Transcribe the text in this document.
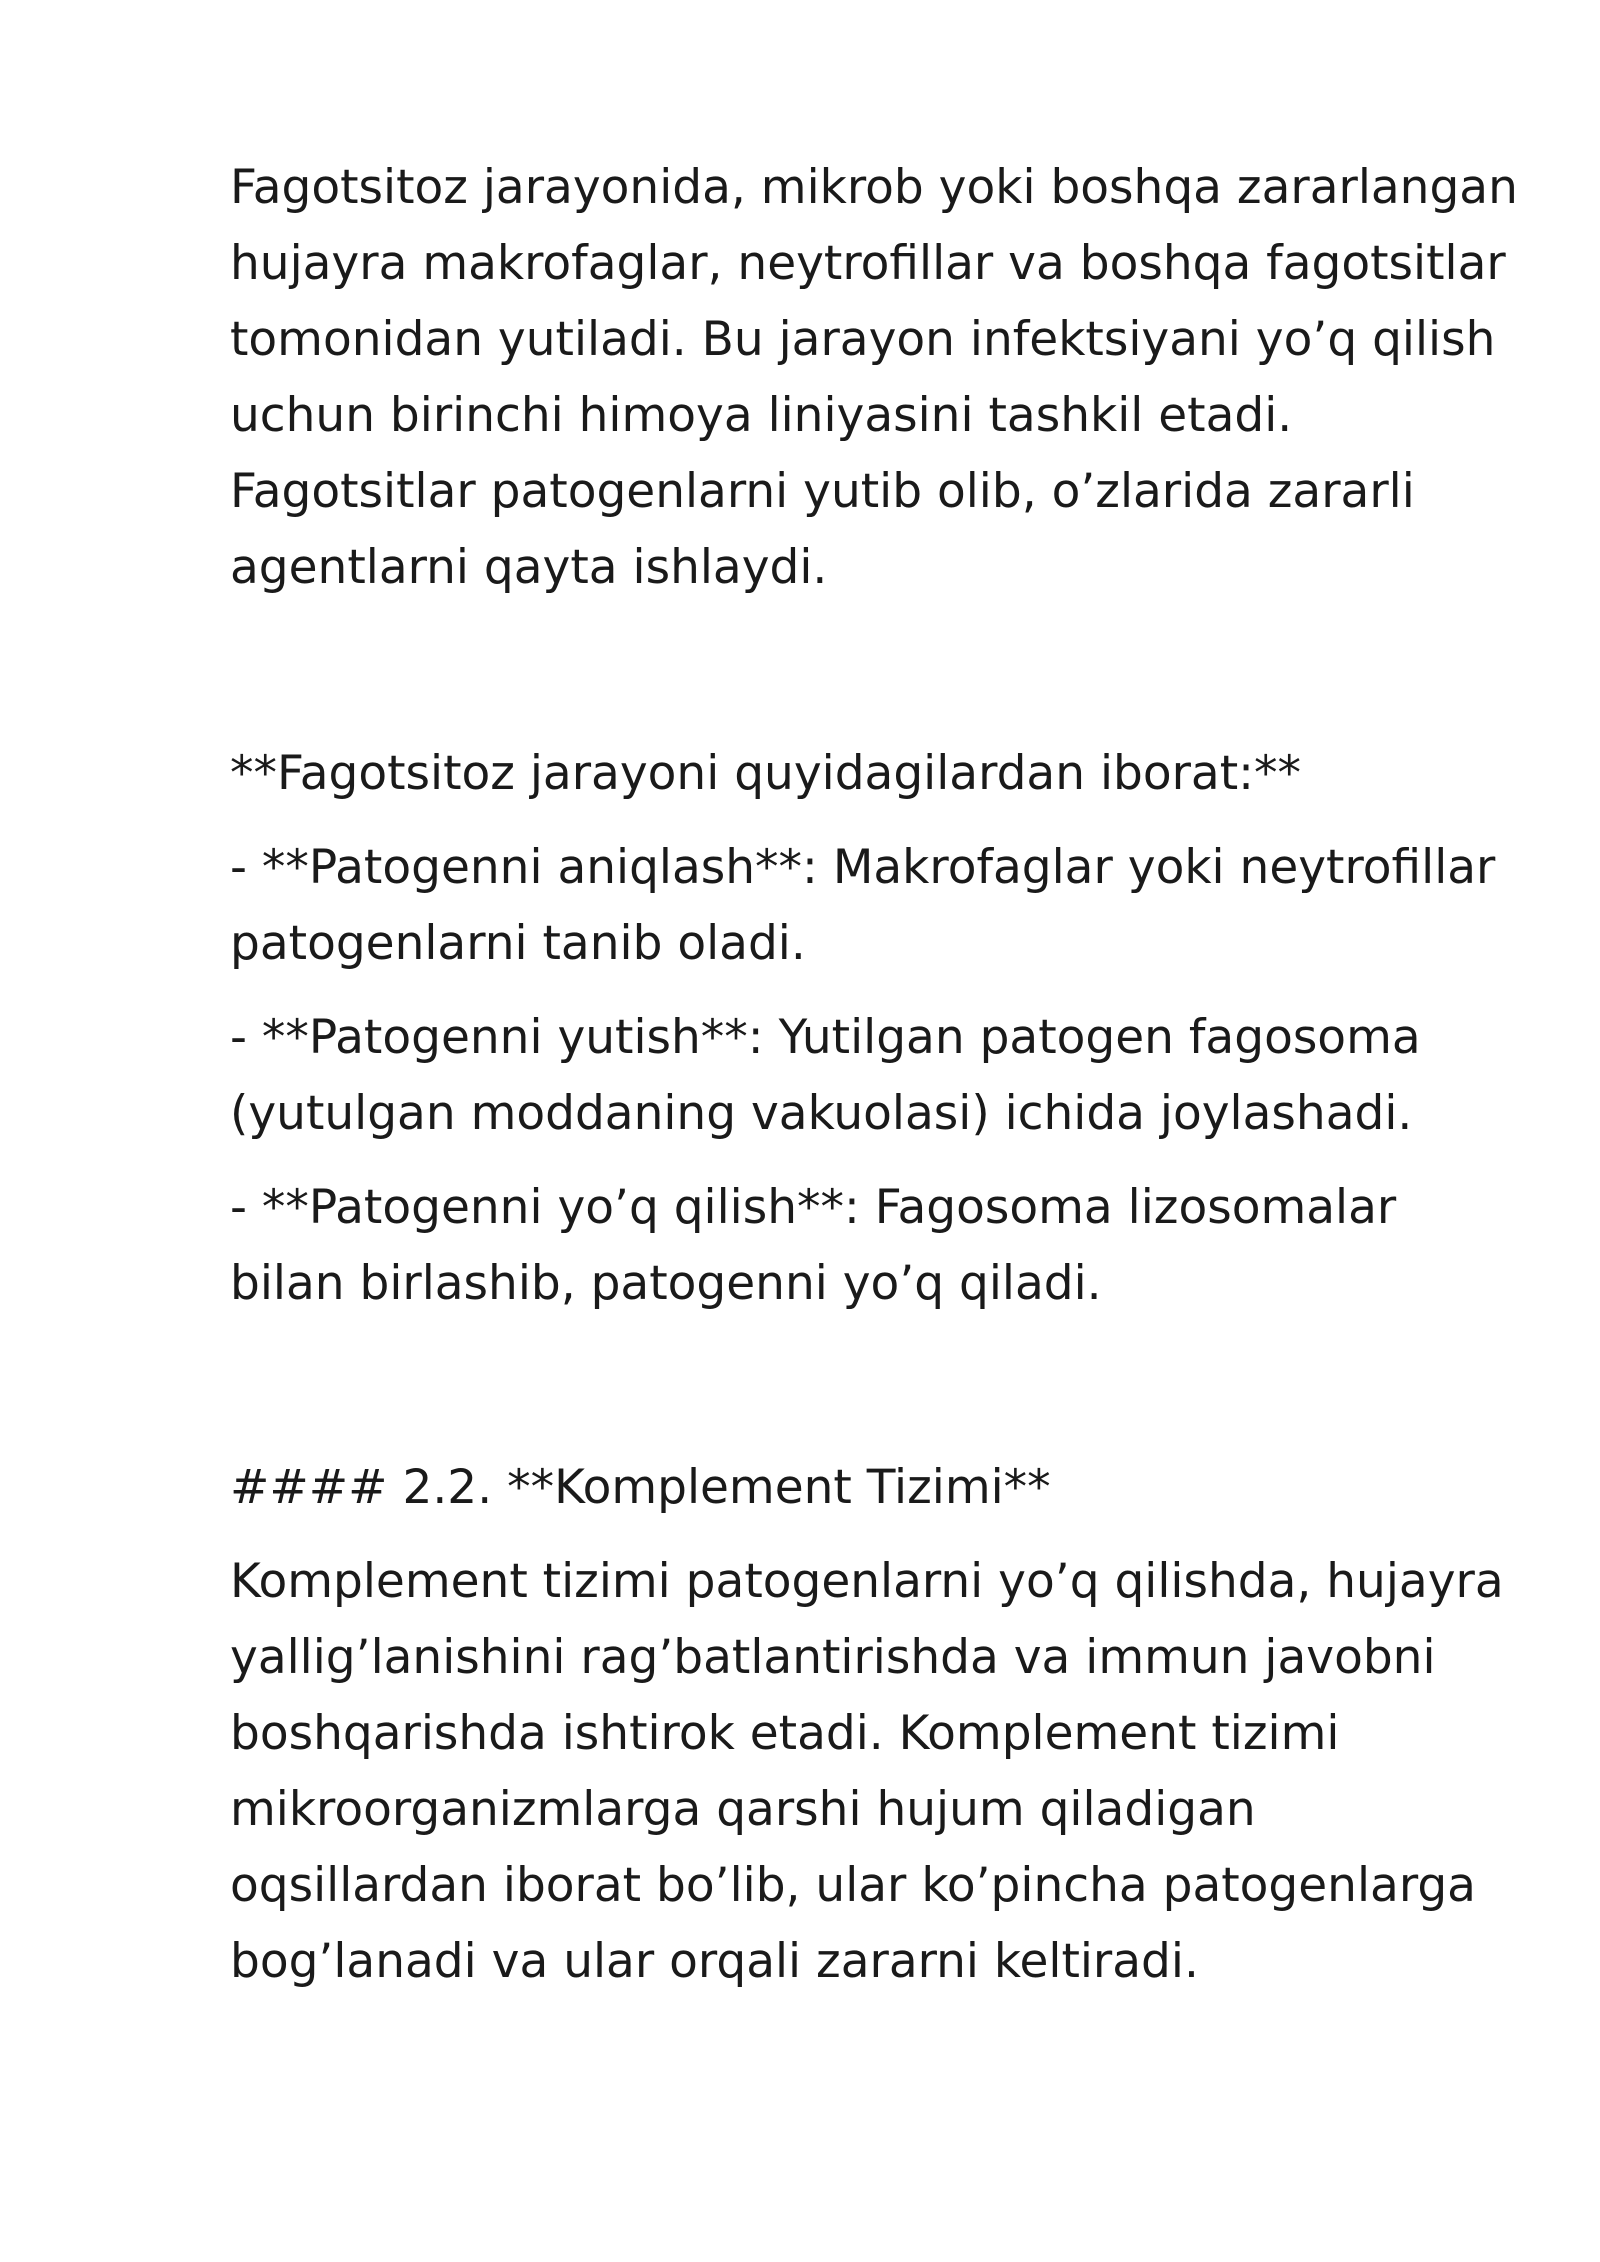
Fagotsitoz jarayonida, mikrob yoki boshqa zararlangan
hujayra makrofaglar, neytrofillar va boshqa fagotsitlar
tomonidan yutiladi. Bu jarayon infektsiyani yo’q qilish
uchun birinchi himoya liniyasini tashkil etadi.
Fagotsitlar patogenlarni yutib olib, o’zlarida zararli
agentlarni qayta ishlaydi.

**Fagotsitoz jarayoni quyidagilardan iborat:**

- **Patogenni aniqlash**: Makrofaglar yoki neytrofillar
patogenlarni tanib oladi.

- **Patogenni yutish**: Yutilgan patogen fagosoma
(yutulgan moddaning vakuolasi) ichida joylashadi.

- **Patogenni yo’q qilish**: Fagosoma lizosomalar
bilan birlashib, patogenni yo’q qiladi.

#### 2.2. **Komplement Tizimi**

Komplement tizimi patogenlarni yo’q qilishda, hujayra
yallig’lanishini rag’batlantirishda va immun javobni
boshqarishda ishtirok etadi. Komplement tizimi
mikroorganizmlarga qarshi hujum qiladigan
oqsillardan iborat bo’lib, ular ko’pincha patogenlarga
bog’lanadi va ular orqali zararni keltiradi.
